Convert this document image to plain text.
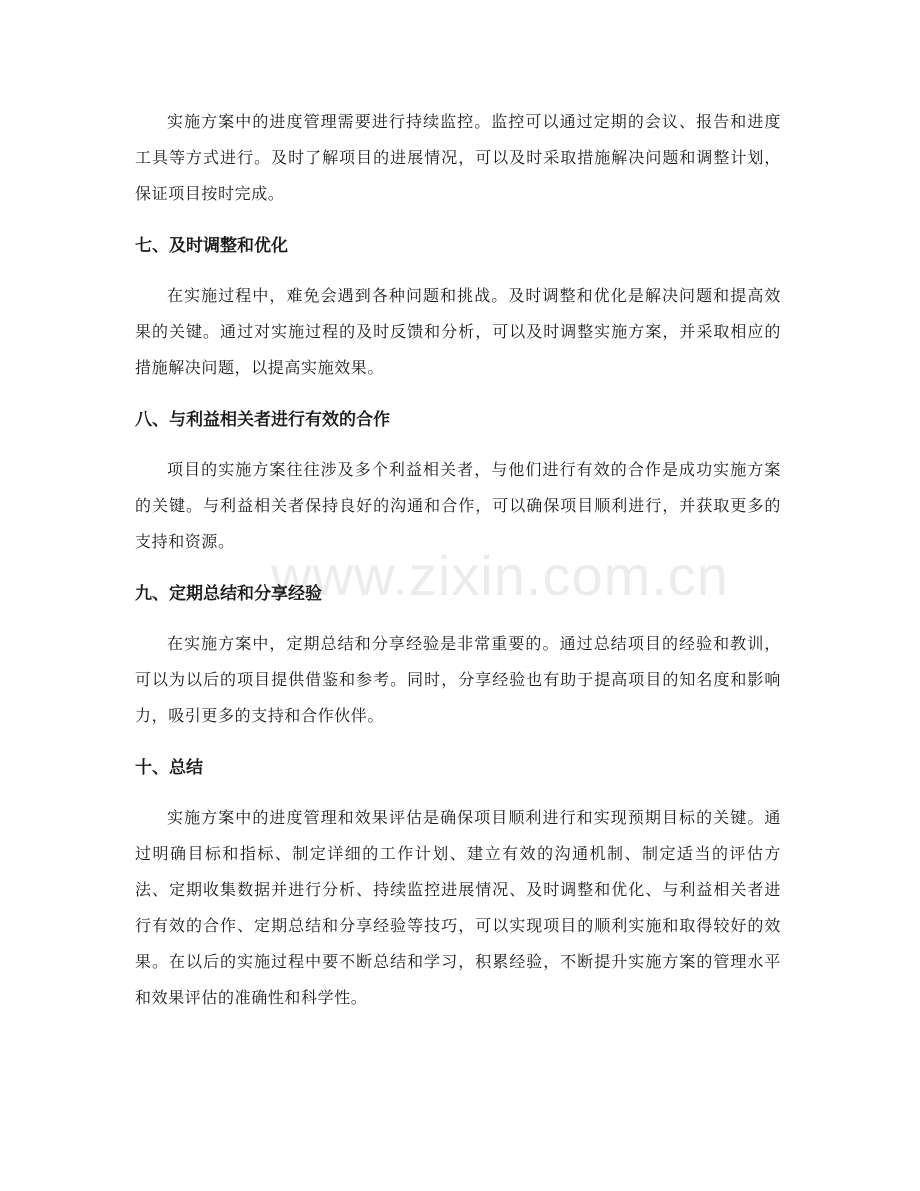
www.zixin.com.cn

实施方案中的进度管理需要进行持续监控。监控可以通过定期的会议、报告和进度工具等方式进行。及时了解项目的进展情况，可以及时采取措施解决问题和调整计划，保证项目按时完成。

七、及时调整和优化

在实施过程中，难免会遇到各种问题和挑战。及时调整和优化是解决问题和提高效果的关键。通过对实施过程的及时反馈和分析，可以及时调整实施方案，并采取相应的措施解决问题，以提高实施效果。

八、与利益相关者进行有效的合作

项目的实施方案往往涉及多个利益相关者，与他们进行有效的合作是成功实施方案的关键。与利益相关者保持良好的沟通和合作，可以确保项目顺利进行，并获取更多的支持和资源。

九、定期总结和分享经验

在实施方案中，定期总结和分享经验是非常重要的。通过总结项目的经验和教训，可以为以后的项目提供借鉴和参考。同时，分享经验也有助于提高项目的知名度和影响力，吸引更多的支持和合作伙伴。

十、总结

实施方案中的进度管理和效果评估是确保项目顺利进行和实现预期目标的关键。通过明确目标和指标、制定详细的工作计划、建立有效的沟通机制、制定适当的评估方法、定期收集数据并进行分析、持续监控进展情况、及时调整和优化、与利益相关者进行有效的合作、定期总结和分享经验等技巧，可以实现项目的顺利实施和取得较好的效果。在以后的实施过程中要不断总结和学习，积累经验，不断提升实施方案的管理水平和效果评估的准确性和科学性。
